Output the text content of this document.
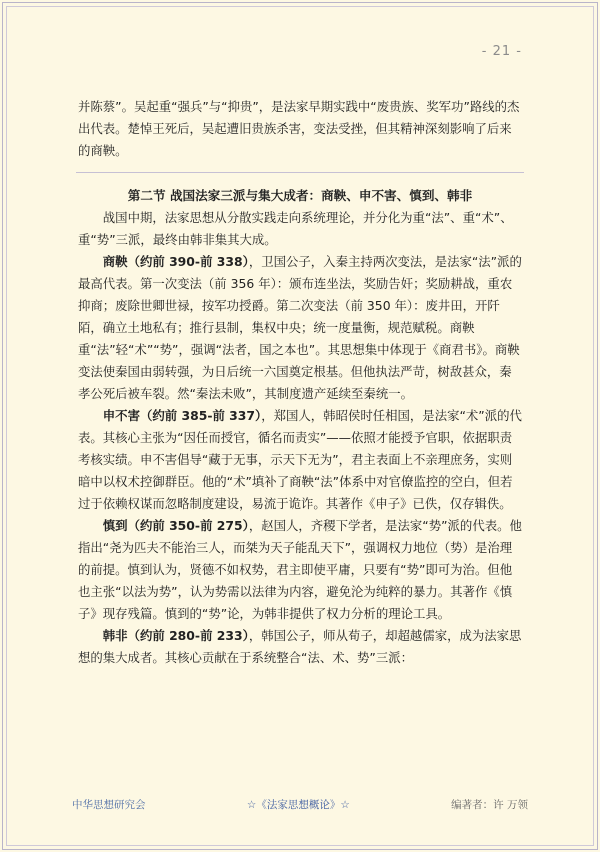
- 21 -

并陈蔡”。吴起重“强兵”与“抑贵”，是法家早期实践中“废贵族、奖军功”路线的杰出代表。楚悼王死后，吴起遭旧贵族杀害，变法受挫，但其精神深刻影响了后来的商鞅。

第二节 战国法家三派与集大成者：商鞅、申不害、慎到、韩非

战国中期，法家思想从分散实践走向系统理论，并分化为重“法”、重“术”、重“势”三派，最终由韩非集其大成。

商鞅（约前 390-前 338），卫国公子，入秦主持两次变法，是法家“法”派的最高代表。第一次变法（前 356 年）：颁布连坐法，奖励告奸；奖励耕战，重农抑商；废除世卿世禄，按军功授爵。第二次变法（前 350 年）：废井田，开阡陌，确立土地私有；推行县制，集权中央；统一度量衡，规范赋税。商鞅重“法”轻“术”“势”，强调“法者，国之本也”。其思想集中体现于《商君书》。商鞅变法使秦国由弱转强，为日后统一六国奠定根基。但他执法严苛，树敌甚众，秦孝公死后被车裂。然“秦法未败”，其制度遗产延续至秦统一。

申不害（约前 385-前 337），郑国人，韩昭侯时任相国，是法家“术”派的代表。其核心主张为“因任而授官，循名而责实”——依照才能授予官职，依据职责考核实绩。申不害倡导“藏于无事，示天下无为”，君主表面上不亲理庶务，实则暗中以权术控御群臣。他的“术”填补了商鞅“法”体系中对官僚监控的空白，但若过于依赖权谋而忽略制度建设，易流于诡诈。其著作《申子》已佚，仅存辑佚。

慎到（约前 350-前 275），赵国人，齐稷下学者，是法家“势”派的代表。他指出“尧为匹夫不能治三人，而桀为天子能乱天下”，强调权力地位（势）是治理的前提。慎到认为，贤德不如权势，君主即使平庸，只要有“势”即可为治。但他也主张“以法为势”，认为势需以法律为内容，避免沦为纯粹的暴力。其著作《慎子》现存残篇。慎到的“势”论，为韩非提供了权力分析的理论工具。

韩非（约前 280-前 233），韩国公子，师从荀子，却超越儒家，成为法家思想的集大成者。其核心贡献在于系统整合“法、术、势”三派：

中华思想研究会	☆《法家思想概论》☆	编著者：许 万领
